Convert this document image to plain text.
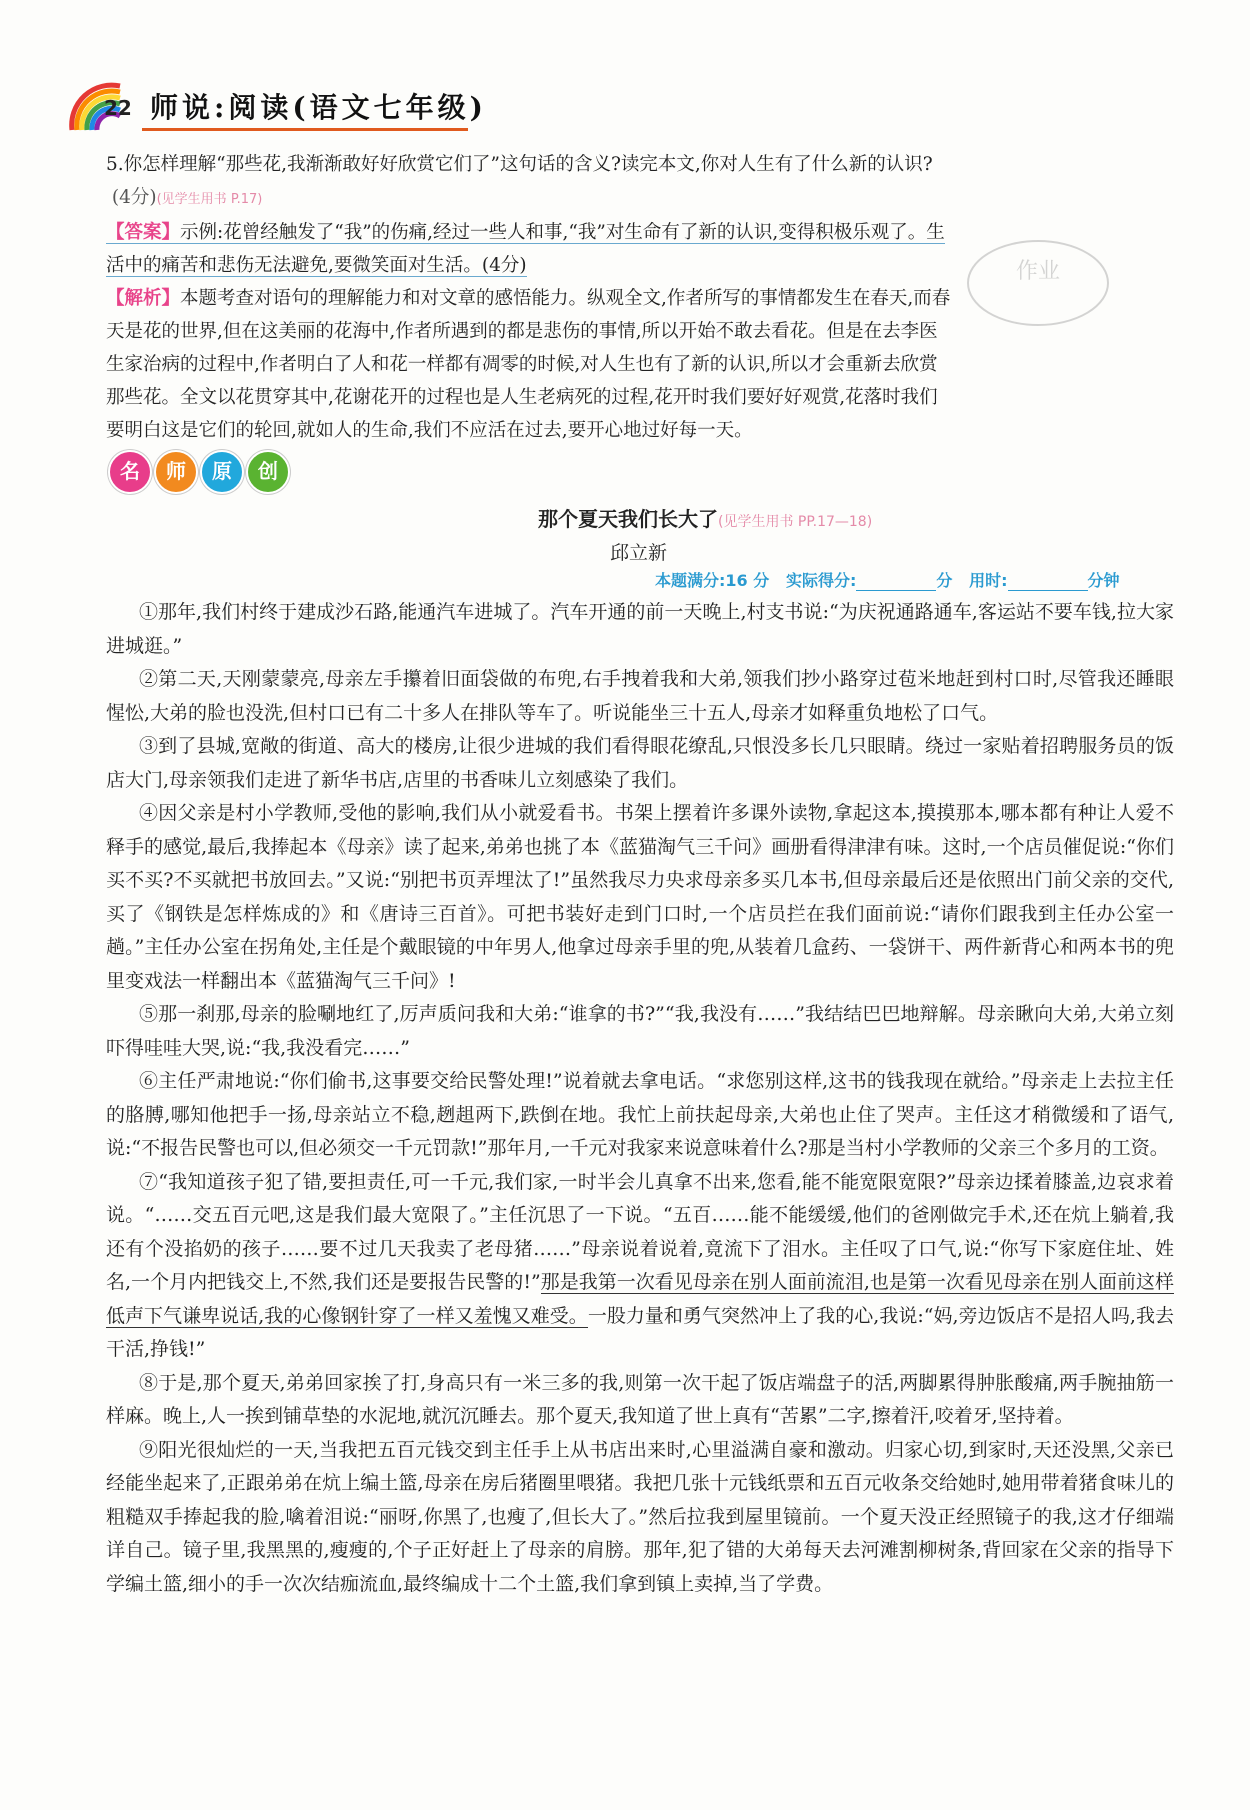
22 师说:阅读(语文七年级)

5.你怎样理解“那些花,我渐渐敢好好欣赏它们了”这句话的含义?读完本文,你对人生有了什么新的认识?

(4分)(见学生用书 P.17)

【答案】示例:花曾经触发了“我”的伤痛,经过一些人和事,“我”对生命有了新的认识,变得积极乐观了。生

活中的痛苦和悲伤无法避免,要微笑面对生活。(4分)

【解析】本题考查对语句的理解能力和对文章的感悟能力。纵观全文,作者所写的事情都发生在春天,而春

天是花的世界,但在这美丽的花海中,作者所遇到的都是悲伤的事情,所以开始不敢去看花。但是在去李医

生家治病的过程中,作者明白了人和花一样都有凋零的时候,对人生也有了新的认识,所以才会重新去欣赏

那些花。全文以花贯穿其中,花谢花开的过程也是人生老病死的过程,花开时我们要好好观赏,花落时我们

要明白这是它们的轮回,就如人的生命,我们不应活在过去,要开心地过好每一天。

作业
名	师	原	创
那个夏天我们长大了(见学生用书 PP.17—18)
邱立新
本题满分:16 分 实际得分:	分 用时:	分钟

①那年,我们村终于建成沙石路,能通汽车进城了。汽车开通的前一天晚上,村支书说:“为庆祝通路通车,客运站不要车钱,拉大家进城逛。”

②第二天,天刚蒙蒙亮,母亲左手攥着旧面袋做的布兜,右手拽着我和大弟,领我们抄小路穿过苞米地赶到村口时,尽管我还睡眼惺忪,大弟的脸也没洗,但村口已有二十多人在排队等车了。听说能坐三十五人,母亲才如释重负地松了口气。

③到了县城,宽敞的街道、高大的楼房,让很少进城的我们看得眼花缭乱,只恨没多长几只眼睛。绕过一家贴着招聘服务员的饭店大门,母亲领我们走进了新华书店,店里的书香味儿立刻感染了我们。

④因父亲是村小学教师,受他的影响,我们从小就爱看书。书架上摆着许多课外读物,拿起这本,摸摸那本,哪本都有种让人爱不释手的感觉,最后,我捧起本《母亲》读了起来,弟弟也挑了本《蓝猫淘气三千问》画册看得津津有味。这时,一个店员催促说:“你们买不买?不买就把书放回去。”又说:“别把书页弄埋汰了!”虽然我尽力央求母亲多买几本书,但母亲最后还是依照出门前父亲的交代,买了《钢铁是怎样炼成的》和《唐诗三百首》。可把书装好走到门口时,一个店员拦在我们面前说:“请你们跟我到主任办公室一趟。”主任办公室在拐角处,主任是个戴眼镜的中年男人,他拿过母亲手里的兜,从装着几盒药、一袋饼干、两件新背心和两本书的兜里变戏法一样翻出本《蓝猫淘气三千问》!

⑤那一刹那,母亲的脸唰地红了,厉声质问我和大弟:“谁拿的书?”“我,我没有……”我结结巴巴地辩解。母亲瞅向大弟,大弟立刻吓得哇哇大哭,说:“我,我没看完……”

⑥主任严肃地说:“你们偷书,这事要交给民警处理!”说着就去拿电话。“求您别这样,这书的钱我现在就给。”母亲走上去拉主任的胳膊,哪知他把手一扬,母亲站立不稳,趔趄两下,跌倒在地。我忙上前扶起母亲,大弟也止住了哭声。主任这才稍微缓和了语气,说:“不报告民警也可以,但必须交一千元罚款!”那年月,一千元对我家来说意味着什么?那是当村小学教师的父亲三个多月的工资。

⑦“我知道孩子犯了错,要担责任,可一千元,我们家,一时半会儿真拿不出来,您看,能不能宽限宽限?”母亲边揉着膝盖,边哀求着说。“……交五百元吧,这是我们最大宽限了。”主任沉思了一下说。“五百……能不能缓缓,他们的爸刚做完手术,还在炕上躺着,我还有个没掐奶的孩子……要不过几天我卖了老母猪……”母亲说着说着,竟流下了泪水。主任叹了口气,说:“你写下家庭住址、姓名,一个月内把钱交上,不然,我们还是要报告民警的!”那是我第一次看见母亲在别人面前流泪,也是第一次看见母亲在别人面前这样低声下气谦卑说话,我的心像钢针穿了一样又羞愧又难受。一股力量和勇气突然冲上了我的心,我说:“妈,旁边饭店不是招人吗,我去干活,挣钱!”

⑧于是,那个夏天,弟弟回家挨了打,身高只有一米三多的我,则第一次干起了饭店端盘子的活,两脚累得肿胀酸痛,两手腕抽筋一样麻。晚上,人一挨到铺草垫的水泥地,就沉沉睡去。那个夏天,我知道了世上真有“苦累”二字,擦着汗,咬着牙,坚持着。

⑨阳光很灿烂的一天,当我把五百元钱交到主任手上从书店出来时,心里溢满自豪和激动。归家心切,到家时,天还没黑,父亲已经能坐起来了,正跟弟弟在炕上编土篮,母亲在房后猪圈里喂猪。我把几张十元钱纸票和五百元收条交给她时,她用带着猪食味儿的粗糙双手捧起我的脸,噙着泪说:“丽呀,你黑了,也瘦了,但长大了。”然后拉我到屋里镜前。一个夏天没正经照镜子的我,这才仔细端详自己。镜子里,我黑黑的,瘦瘦的,个子正好赶上了母亲的肩膀。那年,犯了错的大弟每天去河滩割柳树条,背回家在父亲的指导下学编土篮,细小的手一次次结痂流血,最终编成十二个土篮,我们拿到镇上卖掉,当了学费。
